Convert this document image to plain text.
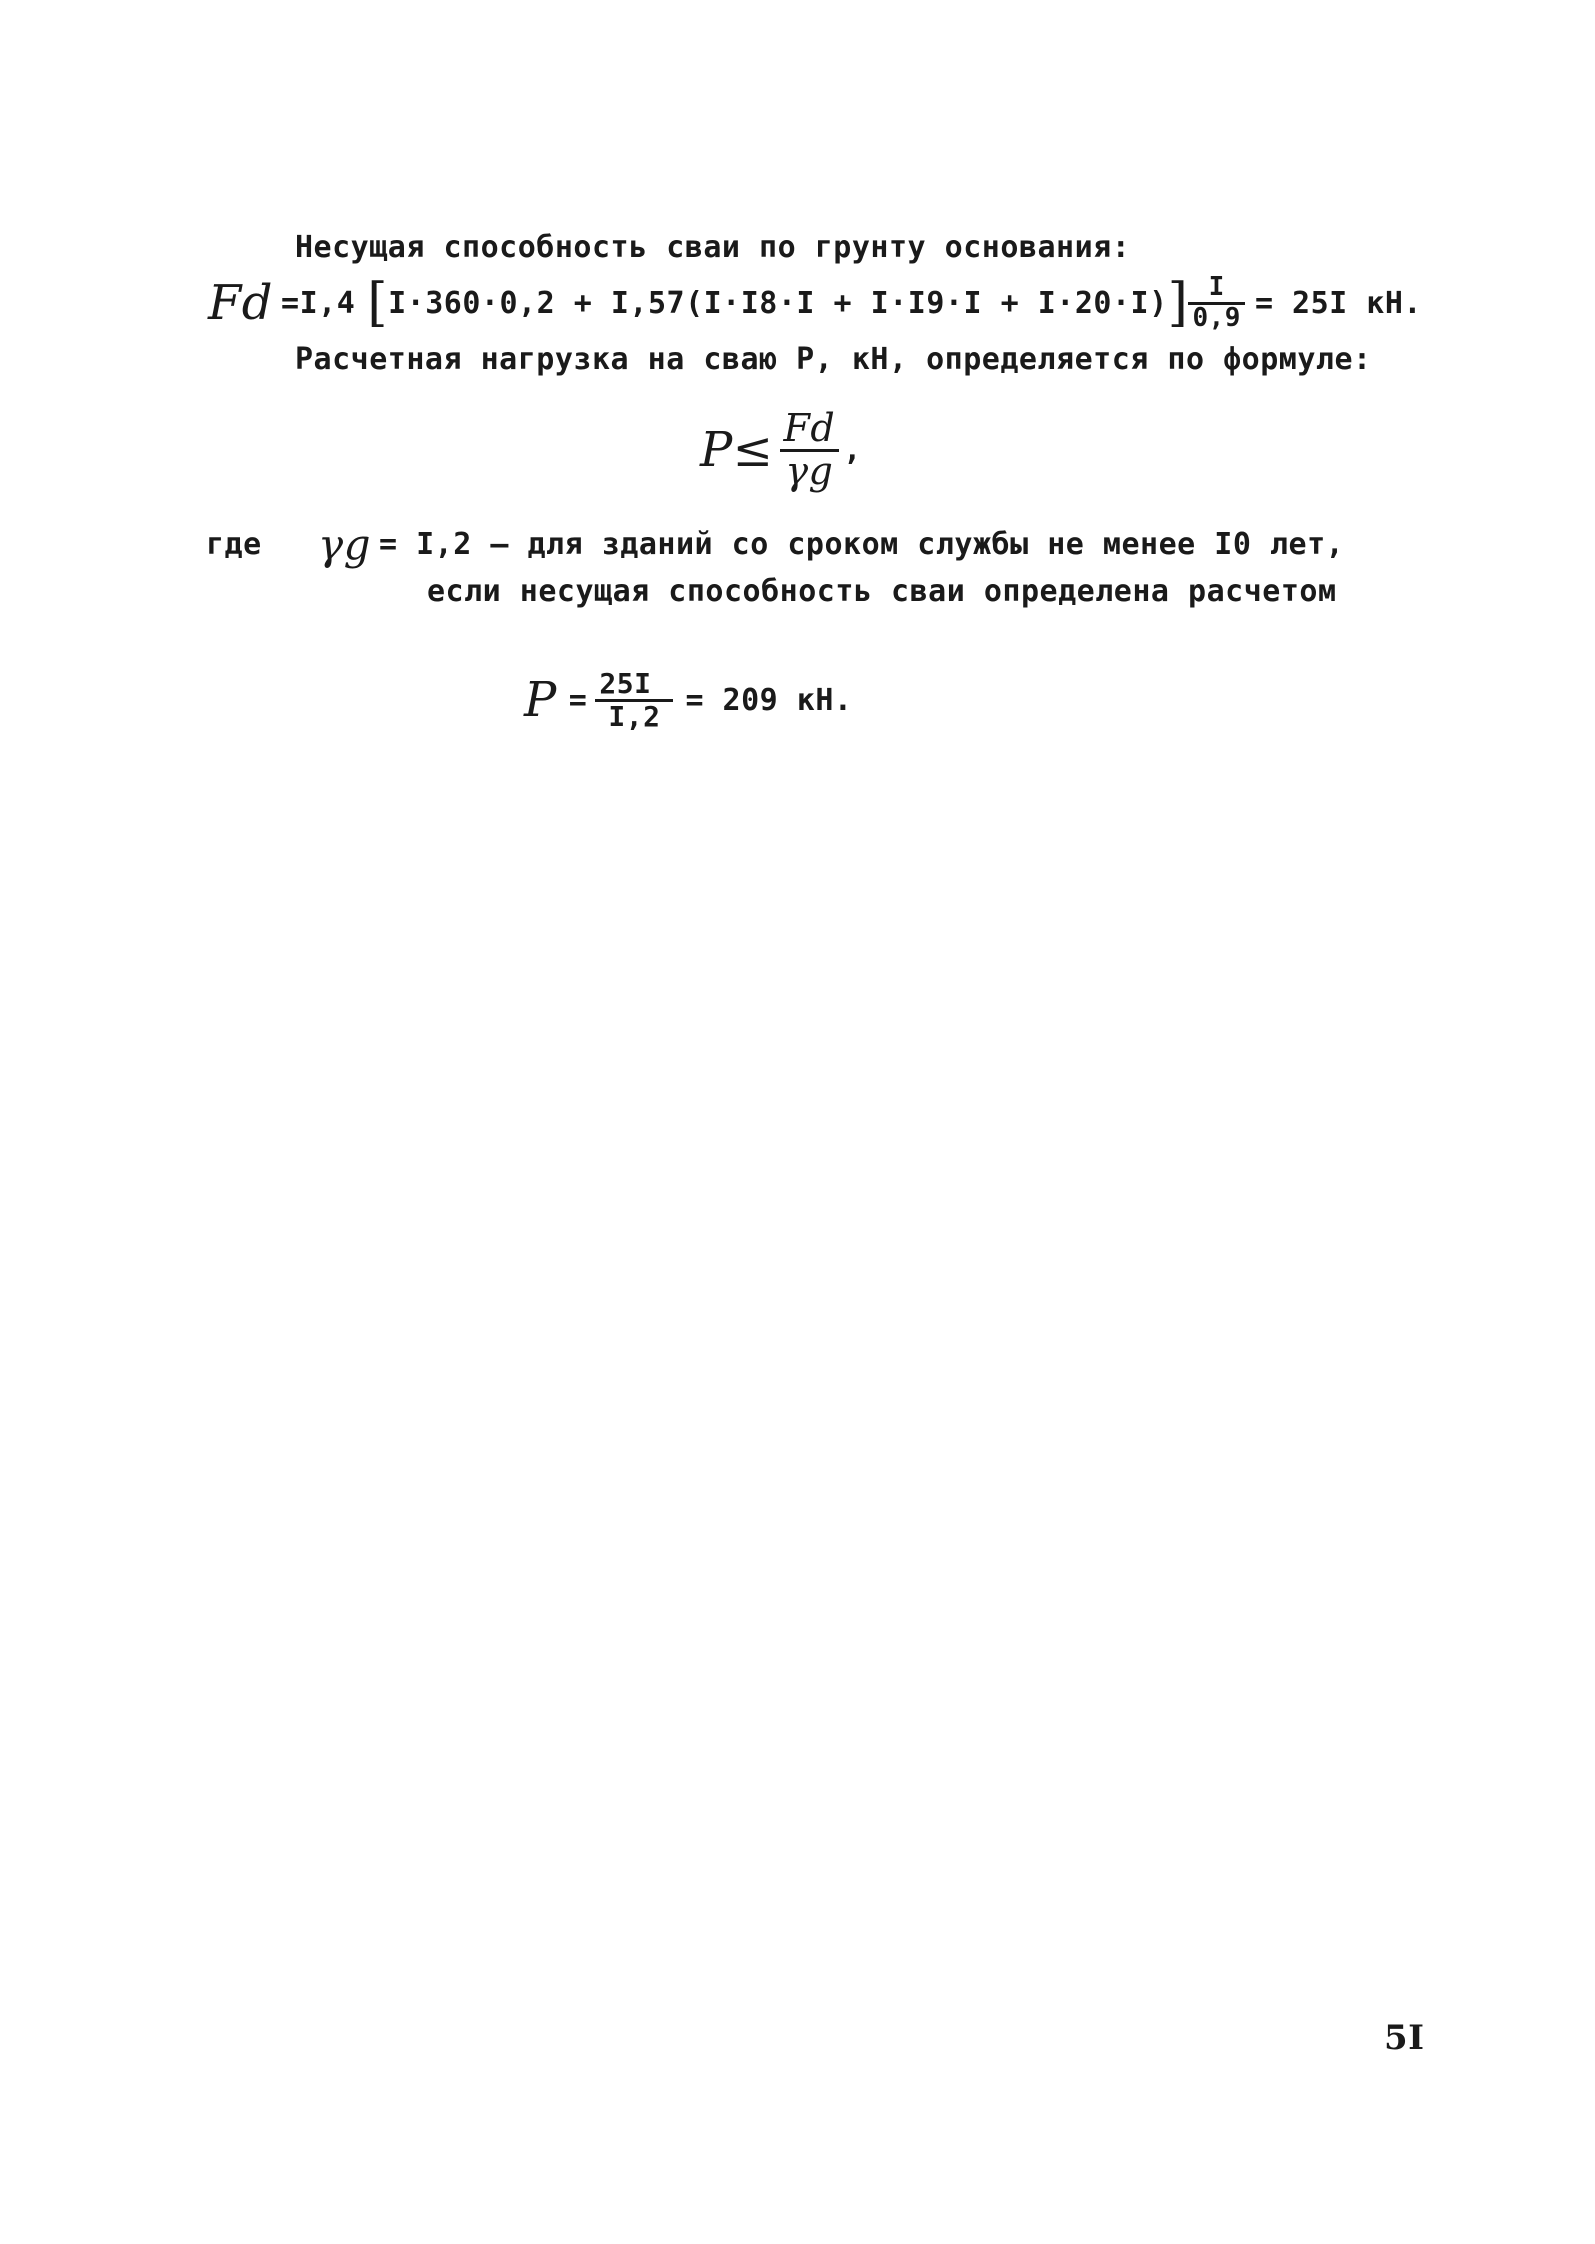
Несущая способность сваи по грунту основания:
Fd = I,4 [ I·360·0,2 + I,57(I·I8·I + I·I9·I + I·20·I) ] $\frac{I}{0,9} = 25I$ кН.
Расчетная нагрузка на сваю P, кН, определяется по формуле:
$P\le \frac{Fd}{\gamma g}$ ,
где γg = I,2 – для зданий со сроком службы не менее I0 лет,
если несущая способность сваи определена расчетом
$P = \frac{25I}{I,2} = 209$ кН.
5I
